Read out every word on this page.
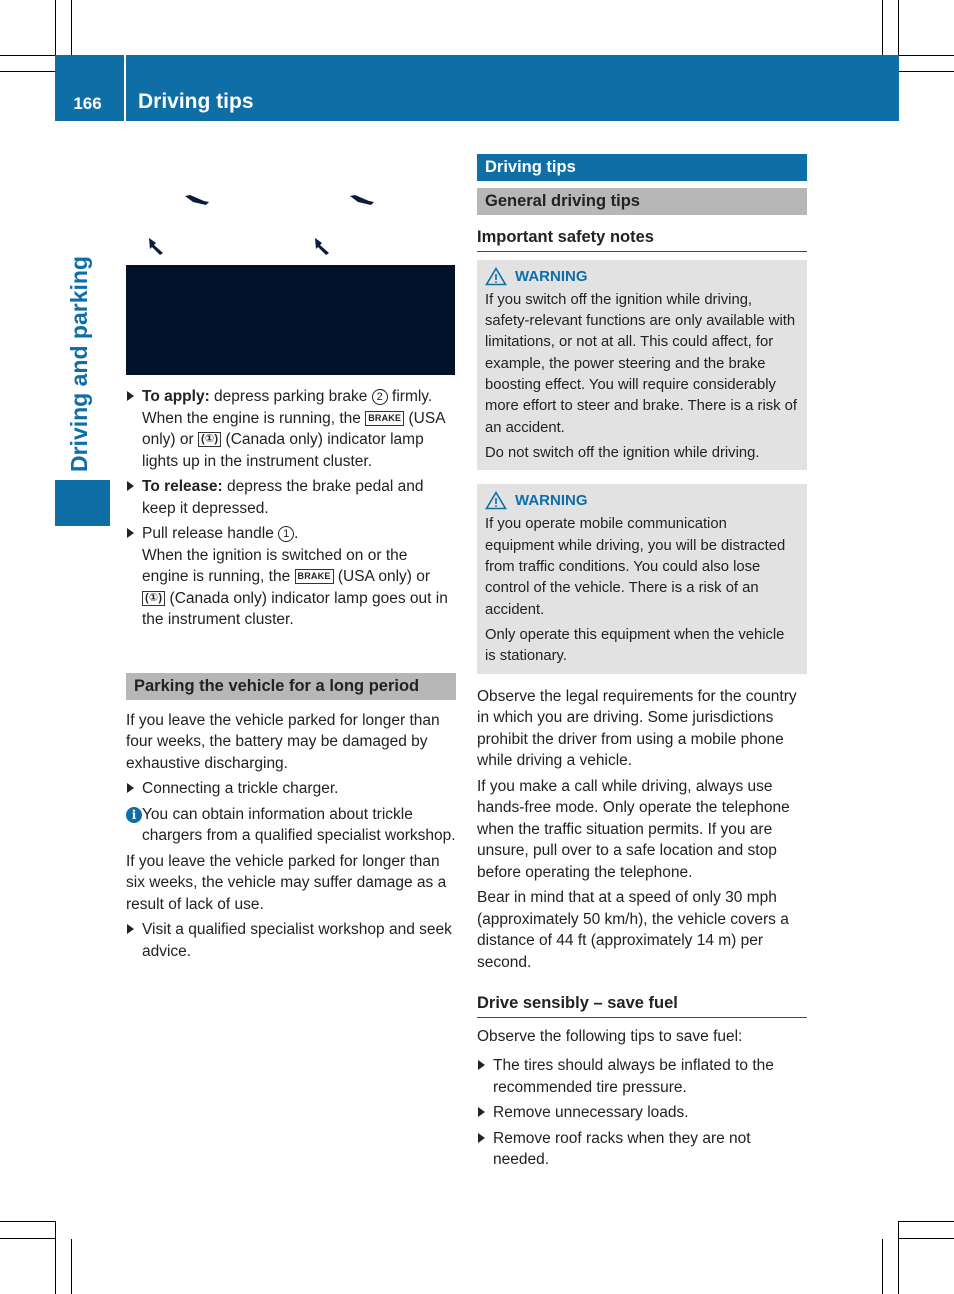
166	Driving tips
Driving and parking	To apply: depress parking brake 2 firmly.
When the engine is running, the BRAKE (USA only) or (①) (Canada only) indicator lamp lights up in the instrument cluster.
To release: depress the brake pedal and keep it depressed.
Pull release handle 1 .
When the ignition is switched on or the engine is running, the BRAKE (USA only) or (①) (Canada only) indicator lamp goes out in the instrument cluster.
Parking the vehicle for a long period
If you leave the vehicle parked for longer than four weeks, the battery may be damaged by exhaustive discharging.
Connecting a trickle charger.
i You can obtain information about trickle chargers from a qualified specialist workshop.
If you leave the vehicle parked for longer than six weeks, the vehicle may suffer damage as a result of lack of use.
Visit a qualified specialist workshop and seek advice.
Driving tips
General driving tips
Important safety notes
WARNING
If you switch off the ignition while driving, safety-relevant functions are only available with limitations, or not at all. This could affect, for example, the power steering and the brake boosting effect. You will require considerably more effort to steer and brake. There is a risk of an accident.
Do not switch off the ignition while driving.
WARNING
If you operate mobile communication equipment while driving, you will be distracted from traffic conditions. You could also lose control of the vehicle. There is a risk of an accident.
Only operate this equipment when the vehicle is stationary.
Observe the legal requirements for the country in which you are driving. Some jurisdictions prohibit the driver from using a mobile phone while driving a vehicle.
If you make a call while driving, always use hands-free mode. Only operate the telephone when the traffic situation permits. If you are unsure, pull over to a safe location and stop before operating the telephone.
Bear in mind that at a speed of only 30 mph (approximately 50 km/h), the vehicle covers a distance of 44 ft (approximately 14 m) per second.
Drive sensibly – save fuel
Observe the following tips to save fuel:
The tires should always be inflated to the recommended tire pressure.
Remove unnecessary loads.
Remove roof racks when they are not needed.
